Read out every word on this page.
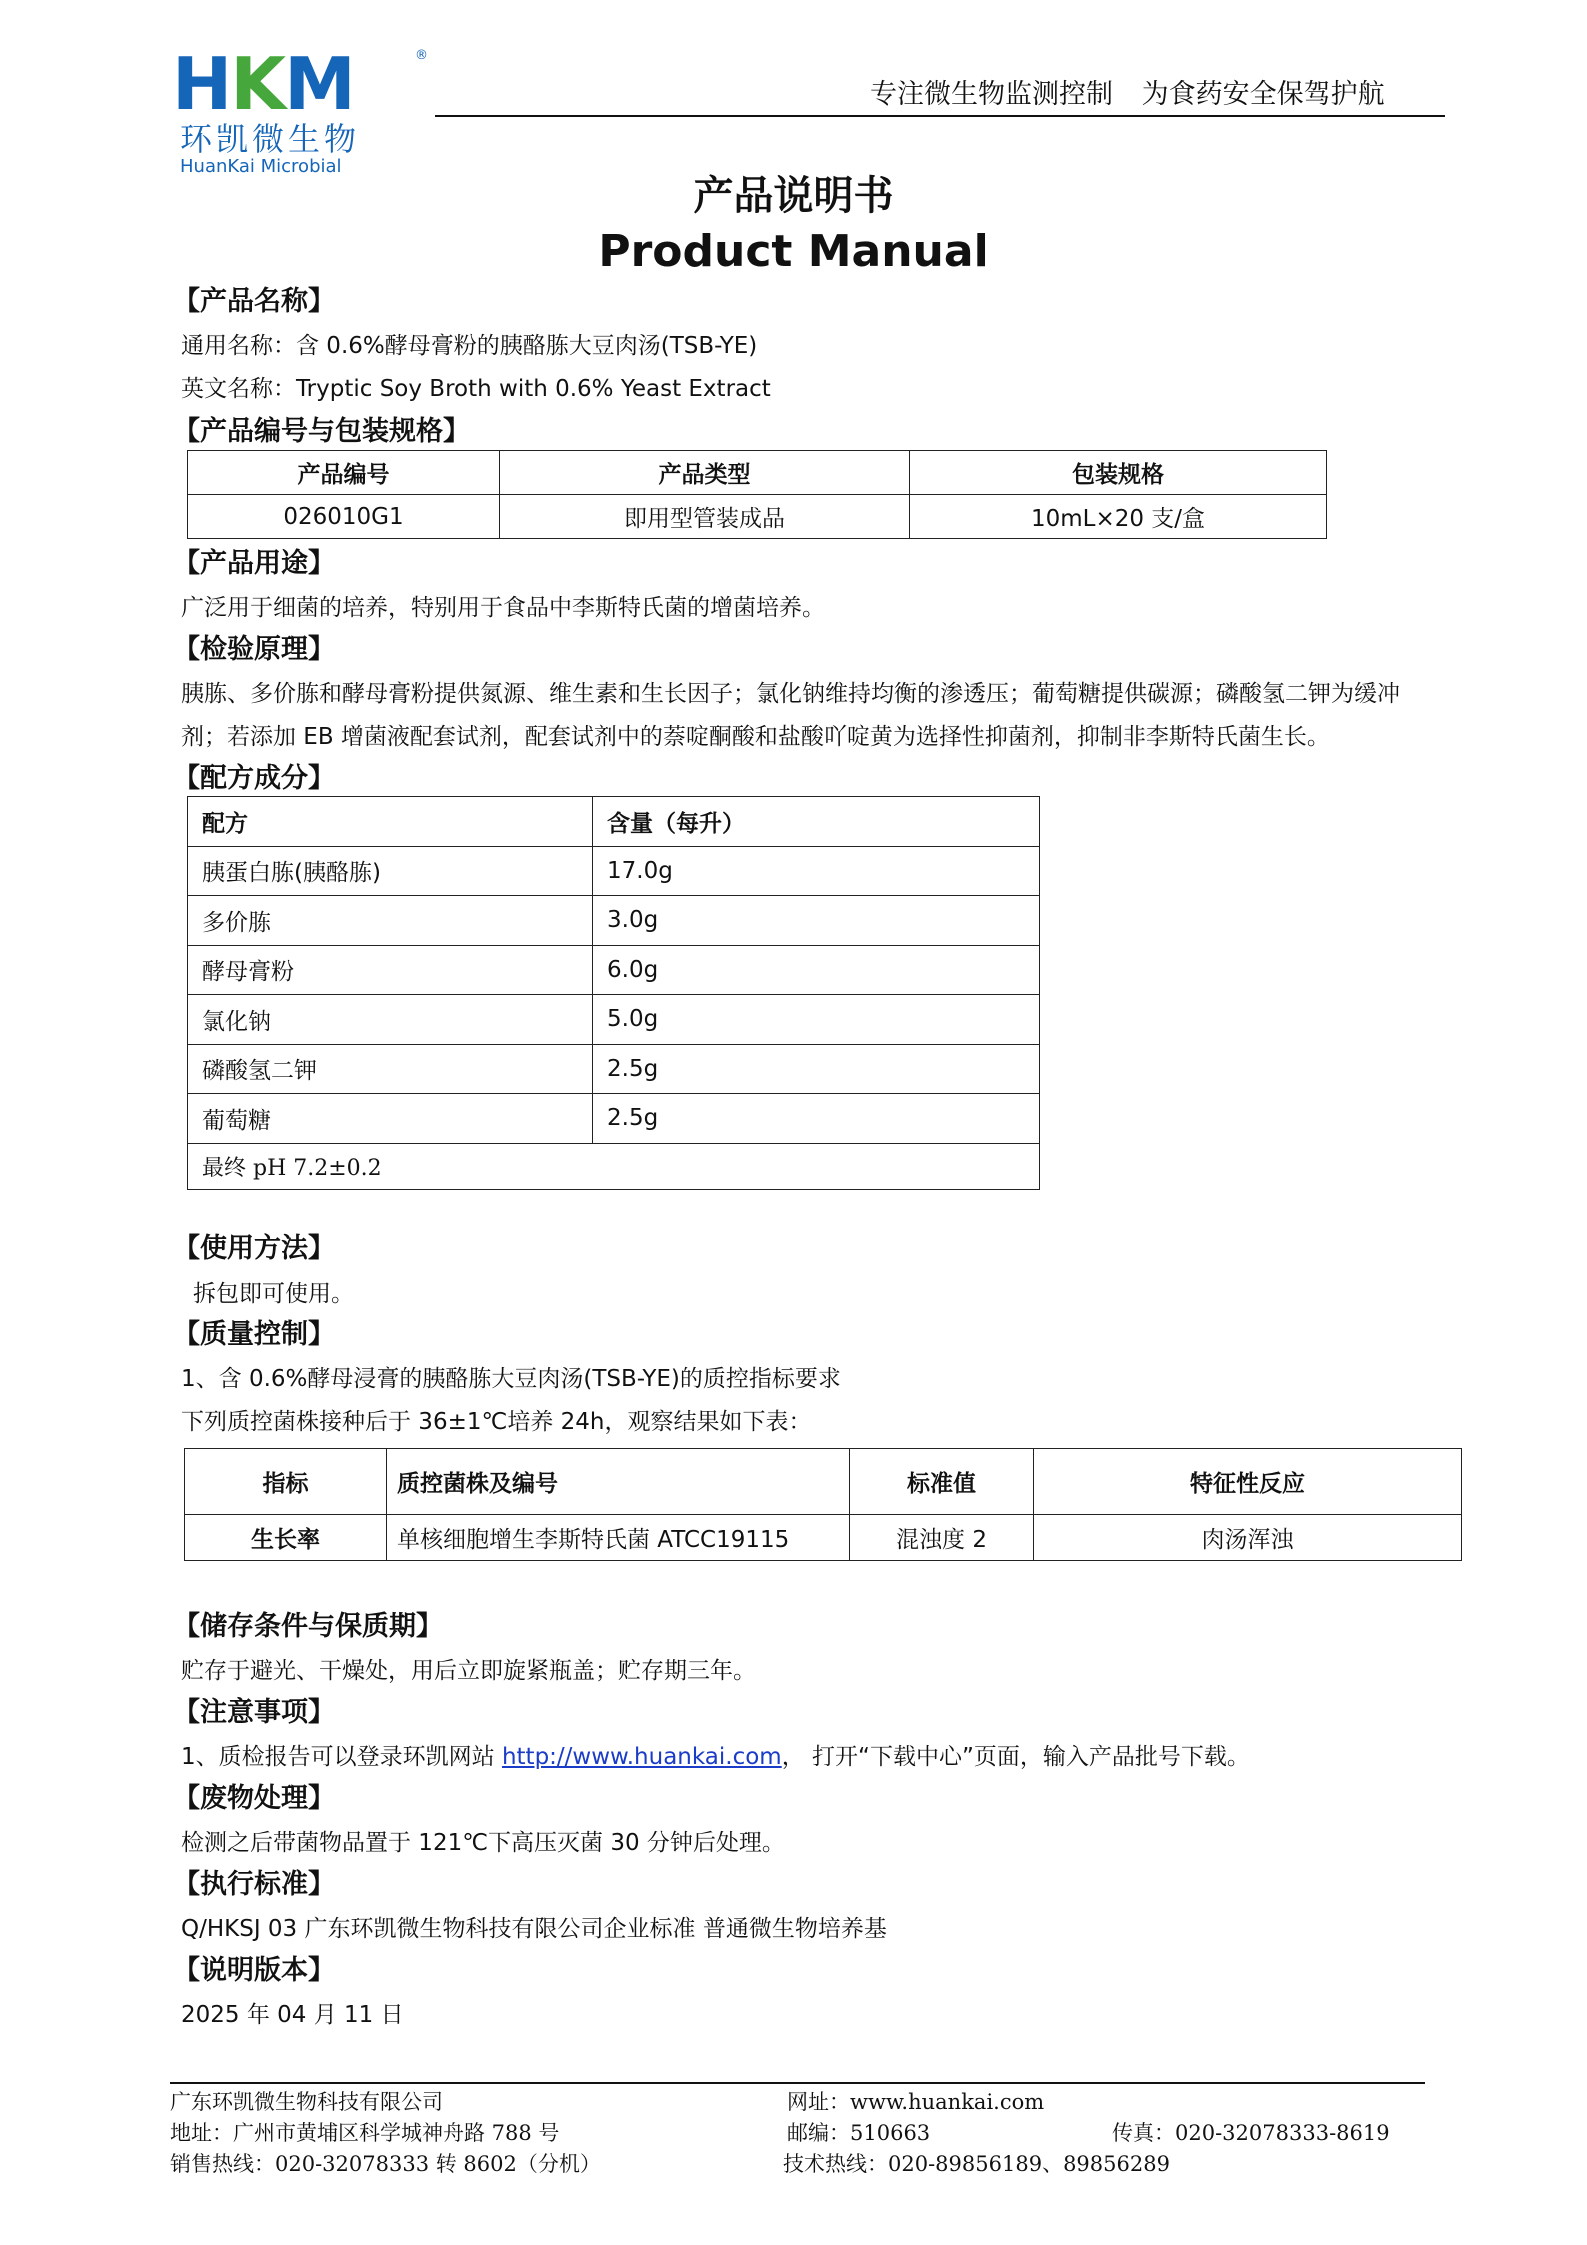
HKM	®
环凯微生物
HuanKai Microbial
专注微生物监测控制 为食药安全保驾护航
产品说明书
Product Manual
【产品名称】
通用名称：含 0.6%酵母膏粉的胰酪胨大豆肉汤(TSB-YE)
英文名称：Tryptic Soy Broth with 0.6% Yeast Extract
【产品编号与包装规格】
产品编号	产品类型	包装规格
026010G1	即用型管装成品	10mL×20 支/盒
【产品用途】
广泛用于细菌的培养，特别用于食品中李斯特氏菌的增菌培养。
【检验原理】
胰胨、多价胨和酵母膏粉提供氮源、维生素和生长因子；氯化钠维持均衡的渗透压；葡萄糖提供碳源；磷酸氢二钾为缓冲
剂；若添加 EB 增菌液配套试剂，配套试剂中的萘啶酮酸和盐酸吖啶黄为选择性抑菌剂，抑制非李斯特氏菌生长。
【配方成分】
配方	含量（每升）
胰蛋白胨(胰酪胨)	17.0g
多价胨	3.0g
酵母膏粉	6.0g
氯化钠	5.0g
磷酸氢二钾	2.5g
葡萄糖	2.5g
最终 pH 7.2±0.2	
【使用方法】
拆包即可使用。
【质量控制】
1、含 0.6%酵母浸膏的胰酪胨大豆肉汤(TSB-YE)的质控指标要求
下列质控菌株接种后于 36±1℃培养 24h，观察结果如下表：
指标	质控菌株及编号	标准值	特征性反应
生长率	单核细胞增生李斯特氏菌 ATCC19115	混浊度 2	肉汤浑浊
【储存条件与保质期】
贮存于避光、干燥处，用后立即旋紧瓶盖；贮存期三年。
【注意事项】
1、质检报告可以登录环凯网站 http://www.huankai.com， 打开“下载中心”页面，输入产品批号下载。
【废物处理】
检测之后带菌物品置于 121℃下高压灭菌 30 分钟后处理。
【执行标准】
Q/HKSJ 03 广东环凯微生物科技有限公司企业标准 普通微生物培养基
【说明版本】
2025 年 04 月 11 日
广东环凯微生物科技有限公司
地址：广州市黄埔区科学城神舟路 788 号
销售热线：020-32078333 转 8602（分机）
网址：www.huankai.com
邮编：510663	传真：020-32078333-8619
技术热线：020-89856189、89856289
